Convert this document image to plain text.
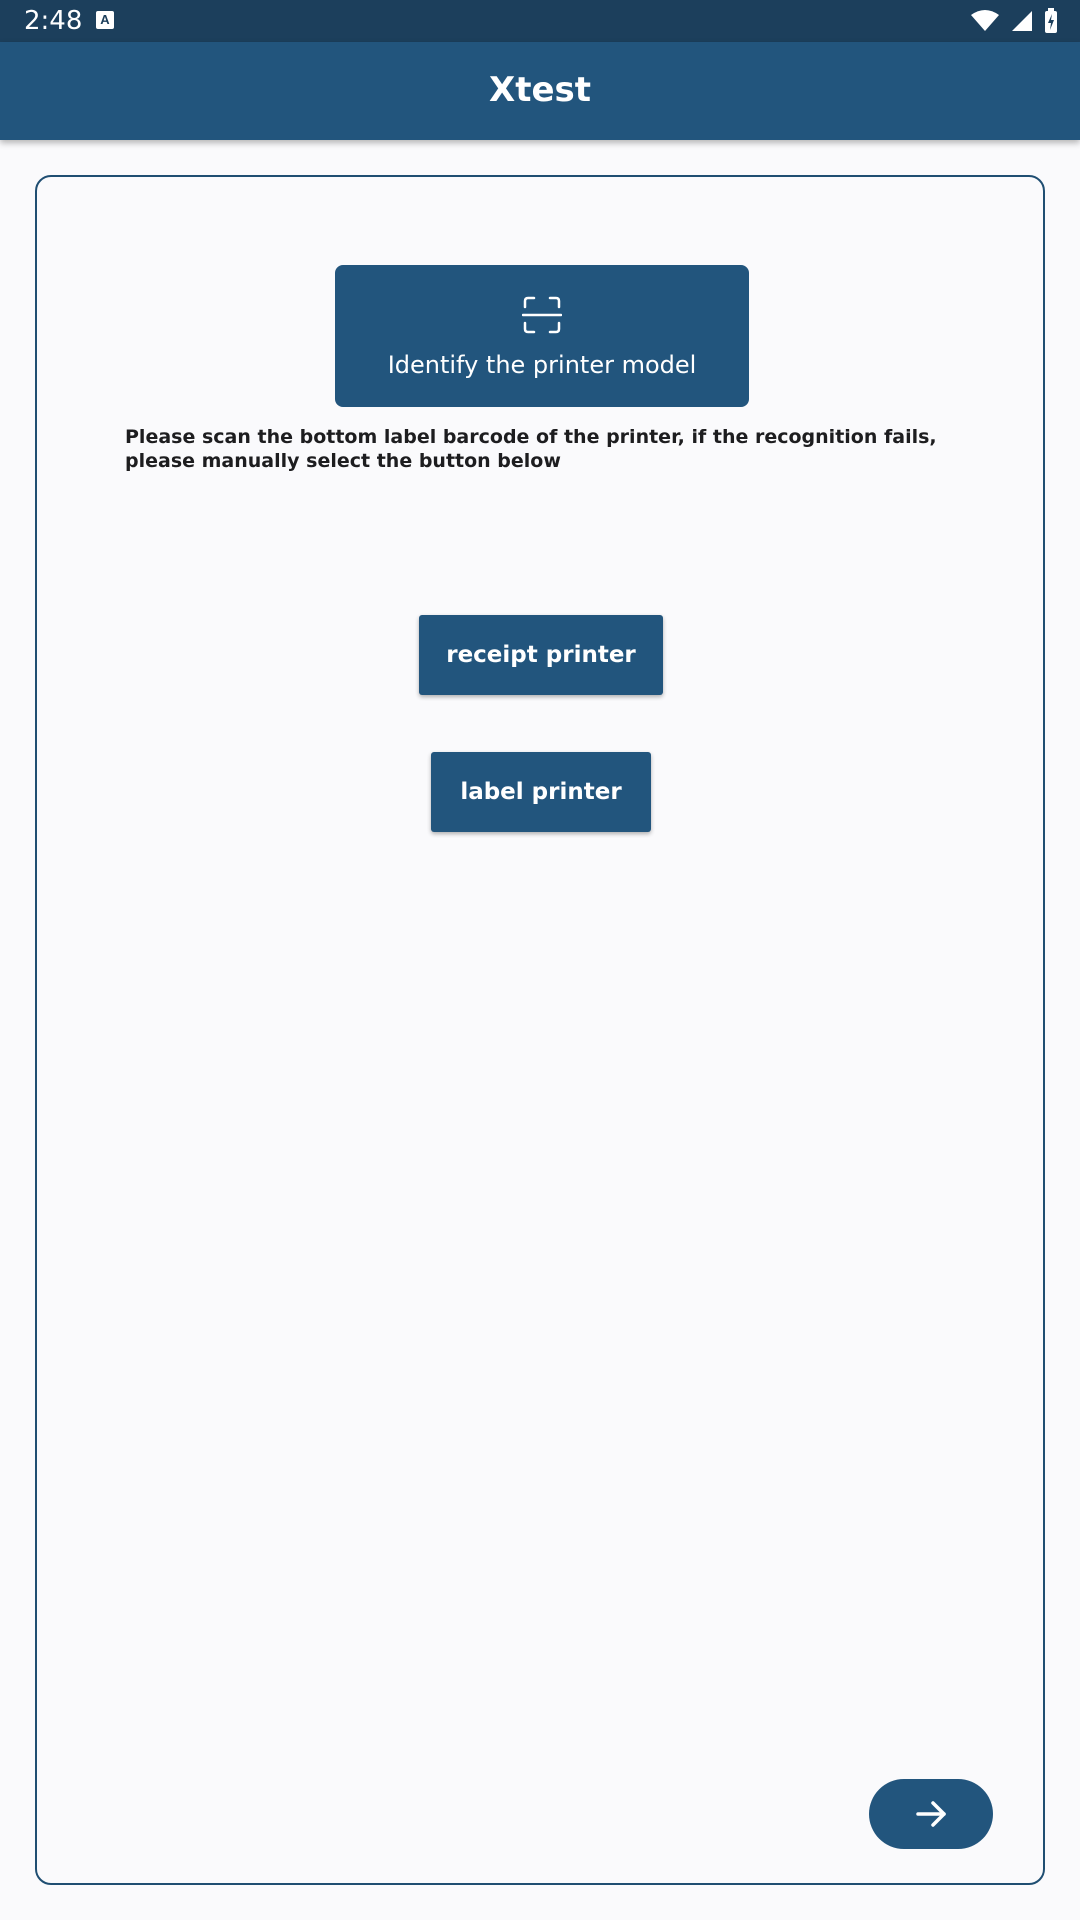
2:48	A
Xtest
Identify the printer model
Please scan the bottom label barcode of the printer, if the recognition fails, please manually select the button below
receipt printer
label printer
